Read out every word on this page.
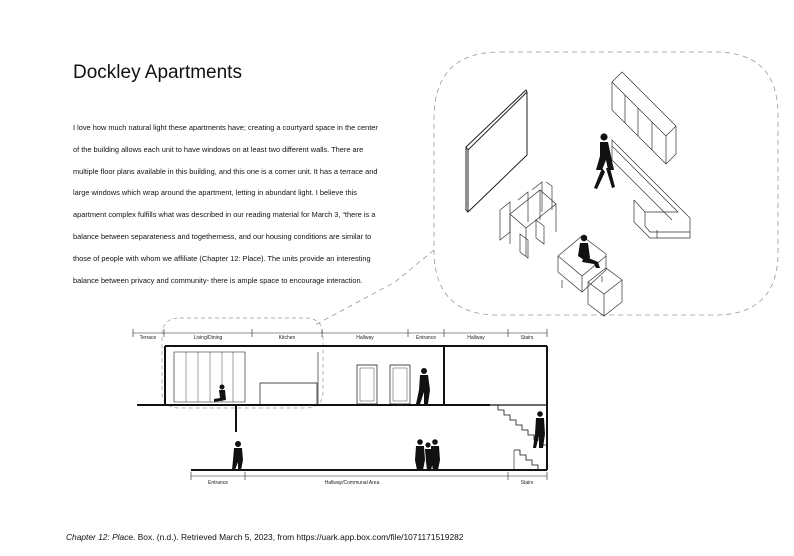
Dockley Apartments

I love how much natural light these apartments have; creating a courtyard space in the center of the building allows each unit to have windows on at least two different walls. There are multiple floor plans available in this building, and this one is a corner unit. It has a terrace and large windows which wrap around the apartment, letting in abundant light. I believe this apartment complex fulfills what was described in our reading material for March 3, “there is a balance between separateness and togetherness, and our housing conditions are similar to those of people with whom we affiliate (Chapter 12: Place). The units provide an interesting balance between privacy and community- there is ample space to encourage interaction.

Terrace	Living/Dining	Kitchen	Hallway	Entrance	Hallway	Stairs
Entrance	Hallway/Communal Area	Stairs
Chapter 12: Place. Box. (n.d.). Retrieved March 5, 2023, from https://uark.app.box.com/file/1071171519282
